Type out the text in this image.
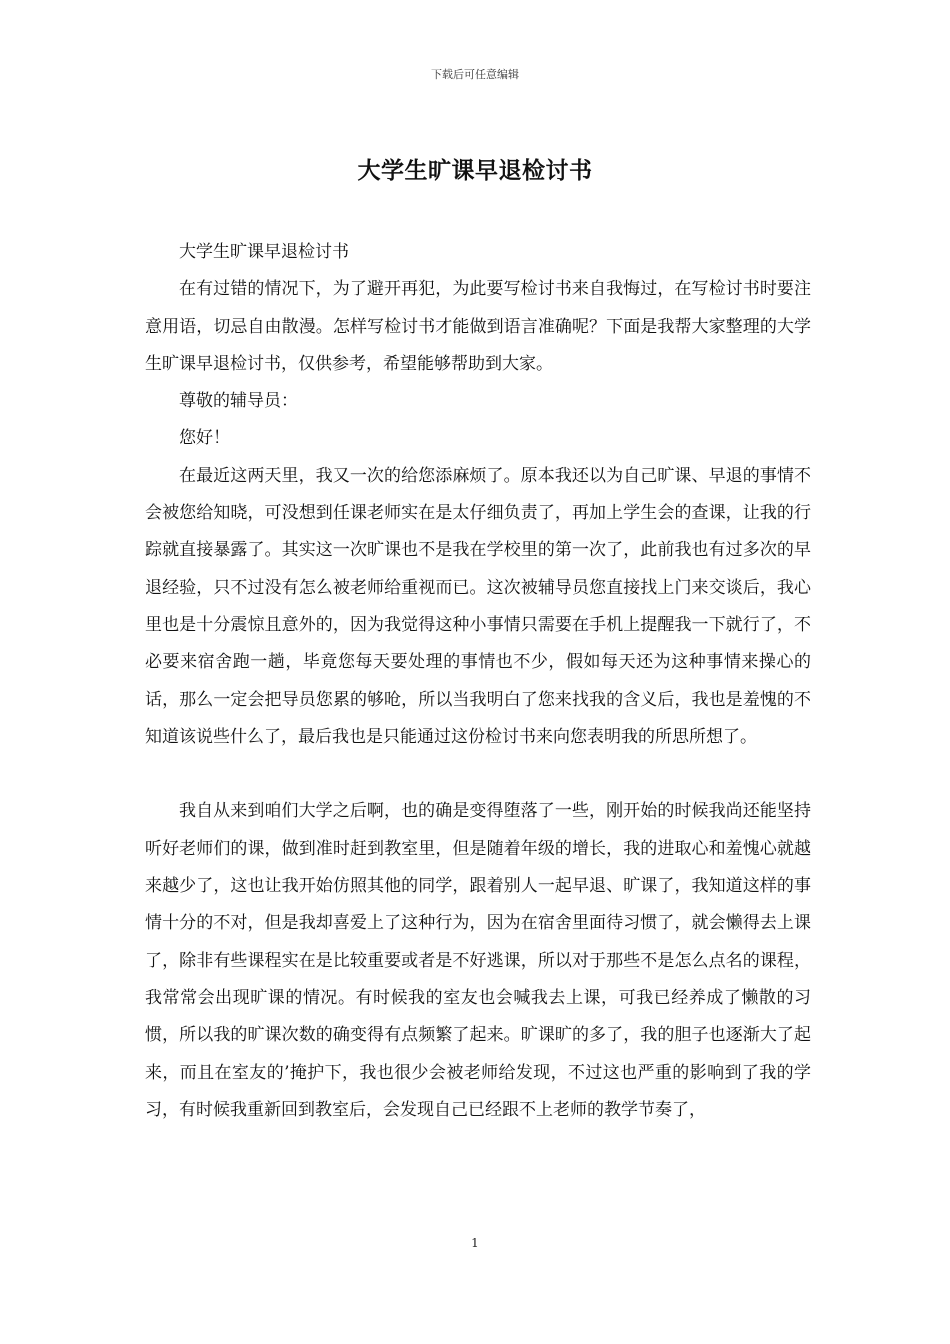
下载后可任意编辑
大学生旷课早退检讨书

大学生旷课早退检讨书

在有过错的情况下，为了避开再犯，为此要写检讨书来自我悔过，在写检讨书时要注意用语，切忌自由散漫。怎样写检讨书才能做到语言准确呢？下面是我帮大家整理的大学生旷课早退检讨书，仅供参考，希望能够帮助到大家。

尊敬的辅导员：

您好！

在最近这两天里，我又一次的给您添麻烦了。原本我还以为自己旷课、早退的事情不会被您给知晓，可没想到任课老师实在是太仔细负责了，再加上学生会的查课，让我的行踪就直接暴露了。其实这一次旷课也不是我在学校里的第一次了，此前我也有过多次的早退经验，只不过没有怎么被老师给重视而已。这次被辅导员您直接找上门来交谈后，我心里也是十分震惊且意外的，因为我觉得这种小事情只需要在手机上提醒我一下就行了，不必要来宿舍跑一趟，毕竟您每天要处理的事情也不少，假如每天还为这种事情来操心的话，那么一定会把导员您累的够呛，所以当我明白了您来找我的含义后，我也是羞愧的不知道该说些什么了，最后我也是只能通过这份检讨书来向您表明我的所思所想了。

我自从来到咱们大学之后啊，也的确是变得堕落了一些，刚开始的时候我尚还能坚持听好老师们的课，做到准时赶到教室里，但是随着年级的增长，我的进取心和羞愧心就越来越少了，这也让我开始仿照其他的同学，跟着别人一起早退、旷课了，我知道这样的事情十分的不对，但是我却喜爱上了这种行为，因为在宿舍里面待习惯了，就会懒得去上课了，除非有些课程实在是比较重要或者是不好逃课，所以对于那些不是怎么点名的课程，我常常会出现旷课的情况。有时候我的室友也会喊我去上课，可我已经养成了懒散的习惯，所以我的旷课次数的确变得有点频繁了起来。旷课旷的多了，我的胆子也逐渐大了起来，而且在室友的’掩护下，我也很少会被老师给发现，不过这也严重的影响到了我的学习，有时候我重新回到教室后，会发现自己已经跟不上老师的教学节奏了，

1
